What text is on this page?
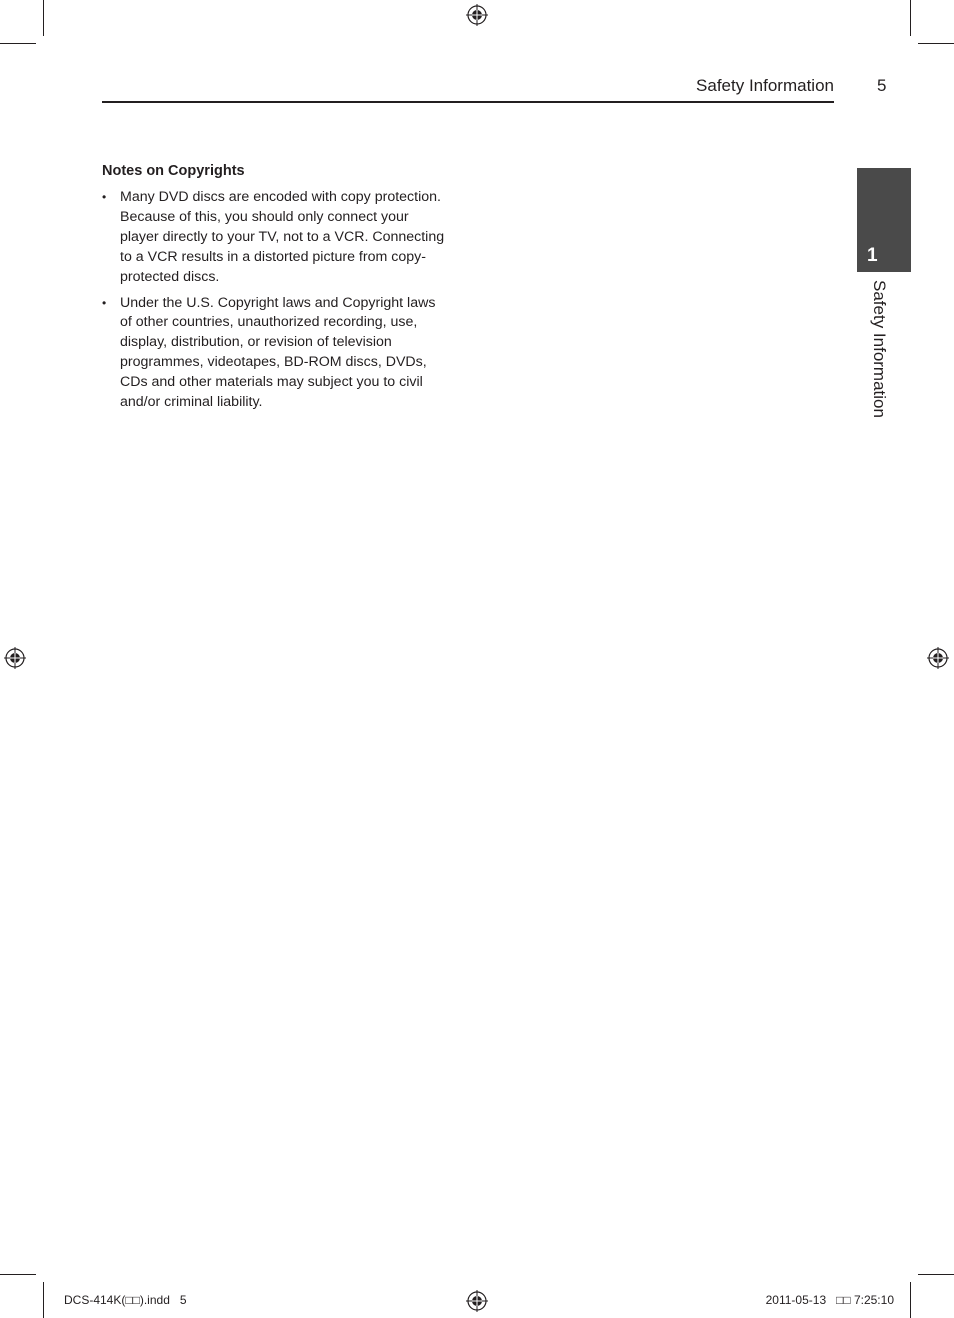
Safety Information	5
1
Safety Information
Notes on Copyrights
• Many DVD discs are encoded with copy protection. Because of this, you should only connect your player directly to your TV, not to a VCR. Connecting to a VCR results in a distorted picture from copy-protected discs.
• Under the U.S. Copyright laws and Copyright laws of other countries, unauthorized recording, use, display, distribution, or revision of television programmes, videotapes, BD-ROM discs, DVDs, CDs and other materials may subject you to civil and/or criminal liability.
DCS-414K(□□).indd   5	2011-05-13   □□ 7:25:10
